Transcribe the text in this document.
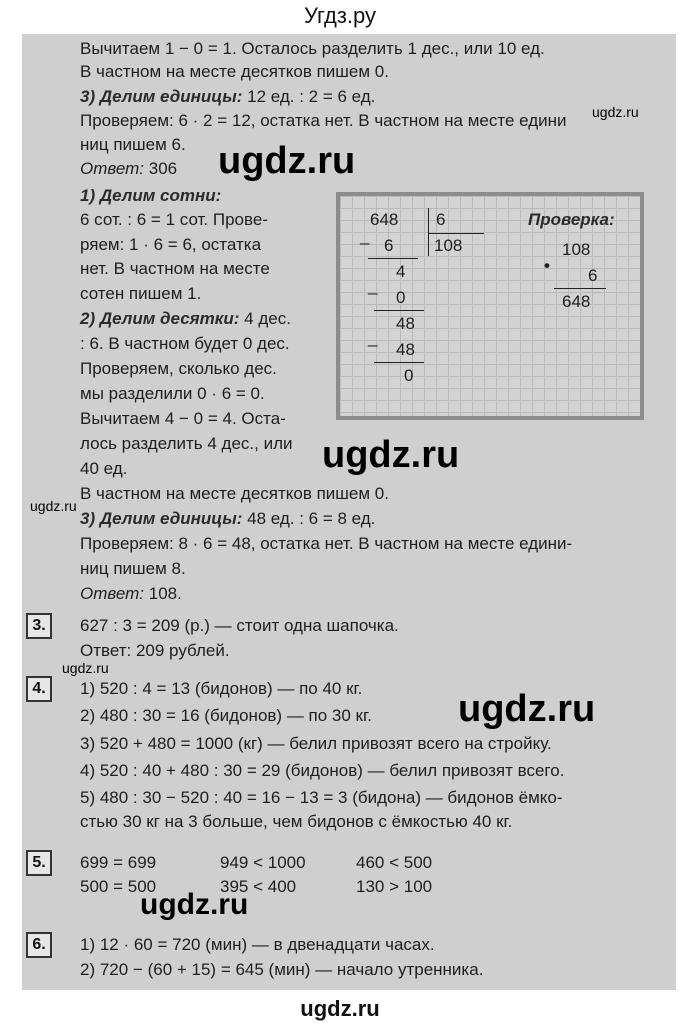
Угдз.ру
Вычитаем 1 − 0 = 1. Осталось разделить 1 дес., или 10 ед.
В частном на месте десятков пишем 0.
3) Делим единицы: 12 ед. : 2 = 6 ед.
Проверяем: 6 · 2 = 12, остатка нет. В частном на месте едини
ниц пишем 6.
Ответ: 306
1) Делим сотни:
6 сот. : 6 = 1 сот. Прове-
ряем: 1 · 6 = 6, остатка
нет. В частном на месте
сотен пишем 1.
2) Делим десятки: 4 дес.
: 6. В частном будет 0 дес.
Проверяем, сколько дес.
мы разделили 0 · 6 = 0.
Вычитаем 4 − 0 = 4. Оста-
лось разделить 4 дес., или
40 ед.
В частном на месте десятков пишем 0.
3) Делим единицы: 48 ед. : 6 = 8 ед.
Проверяем: 8 · 6 = 48, остатка нет. В частном на месте едини-
ниц пишем 8.
Ответ: 108.
648 6
108
_
6
4
_
0
48
_
48
0
Проверка:
108
•
6
648
3.	627 : 3 = 209 (р.) — стоит одна шапочка.
Ответ: 209 рублей.
4.	1) 520 : 4 = 13 (бидонов) — по 40 кг.
2) 480 : 30 = 16 (бидонов) — по 30 кг.
3) 520 + 480 = 1000 (кг) — белил привозят всего на стройку.
4) 520 : 40 + 480 : 30 = 29 (бидонов) — белил привозят всего.
5) 480 : 30 − 520 : 40 = 16 − 13 = 3 (бидона) — бидонов ёмко-
стью 30 кг на 3 больше, чем бидонов с ёмкостью 40 кг.
5.	699 = 699	949 < 1000	460 < 500
500 = 500	395 < 400	130 > 100
6.	1) 12 · 60 = 720 (мин) — в двенадцати часах.
2) 720 − (60 + 15) = 645 (мин) — начало утренника.
ugdz.ru
ugdz.ru
ugdz.ru
ugdz.ru
ugdz.ru
ugdz.ru
ugdz.ru
ugdz.ru
